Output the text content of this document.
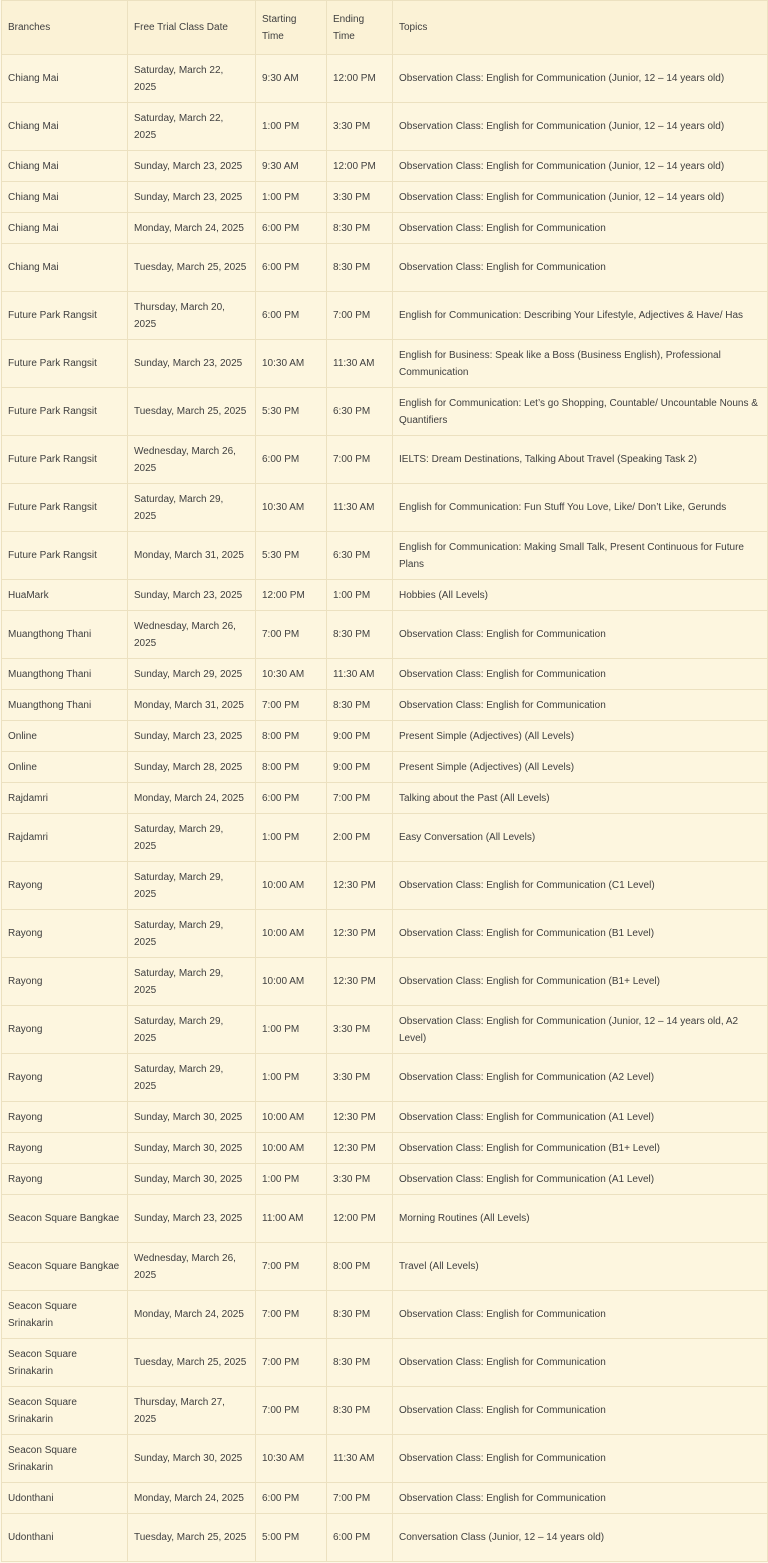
Branches	Free Trial Class Date	Starting Time	Ending Time	Topics
Chiang Mai	Saturday, March 22, 2025	9:30 AM	12:00 PM	Observation Class: English for Communication (Junior, 12 – 14 years old)
Chiang Mai	Saturday, March 22, 2025	1:00 PM	3:30 PM	Observation Class: English for Communication (Junior, 12 – 14 years old)
Chiang Mai	Sunday, March 23, 2025	9:30 AM	12:00 PM	Observation Class: English for Communication (Junior, 12 – 14 years old)
Chiang Mai	Sunday, March 23, 2025	1:00 PM	3:30 PM	Observation Class: English for Communication (Junior, 12 – 14 years old)
Chiang Mai	Monday, March 24, 2025	6:00 PM	8:30 PM	Observation Class: English for Communication
Chiang Mai	Tuesday, March 25, 2025	6:00 PM	8:30 PM	Observation Class: English for Communication
Future Park Rangsit	Thursday, March 20, 2025	6:00 PM	7:00 PM	English for Communication: Describing Your Lifestyle, Adjectives & Have/ Has
Future Park Rangsit	Sunday, March 23, 2025	10:30 AM	11:30 AM	English for Business: Speak like a Boss (Business English), Professional Communication
Future Park Rangsit	Tuesday, March 25, 2025	5:30 PM	6:30 PM	English for Communication: Let’s go Shopping, Countable/ Uncountable Nouns & Quantifiers
Future Park Rangsit	Wednesday, March 26, 2025	6:00 PM	7:00 PM	IELTS: Dream Destinations, Talking About Travel (Speaking Task 2)
Future Park Rangsit	Saturday, March 29, 2025	10:30 AM	11:30 AM	English for Communication: Fun Stuff You Love, Like/ Don’t Like, Gerunds
Future Park Rangsit	Monday, March 31, 2025	5:30 PM	6:30 PM	English for Communication: Making Small Talk, Present Continuous for Future Plans
HuaMark	Sunday, March 23, 2025	12:00 PM	1:00 PM	Hobbies (All Levels)
Muangthong Thani	Wednesday, March 26, 2025	7:00 PM	8:30 PM	Observation Class: English for Communication
Muangthong Thani	Sunday, March 29, 2025	10:30 AM	11:30 AM	Observation Class: English for Communication
Muangthong Thani	Monday, March 31, 2025	7:00 PM	8:30 PM	Observation Class: English for Communication
Online	Sunday, March 23, 2025	8:00 PM	9:00 PM	Present Simple (Adjectives) (All Levels)
Online	Sunday, March 28, 2025	8:00 PM	9:00 PM	Present Simple (Adjectives) (All Levels)
Rajdamri	Monday, March 24, 2025	6:00 PM	7:00 PM	Talking about the Past (All Levels)
Rajdamri	Saturday, March 29, 2025	1:00 PM	2:00 PM	Easy Conversation (All Levels)
Rayong	Saturday, March 29, 2025	10:00 AM	12:30 PM	Observation Class: English for Communication (C1 Level)
Rayong	Saturday, March 29, 2025	10:00 AM	12:30 PM	Observation Class: English for Communication (B1 Level)
Rayong	Saturday, March 29, 2025	10:00 AM	12:30 PM	Observation Class: English for Communication (B1+ Level)
Rayong	Saturday, March 29, 2025	1:00 PM	3:30 PM	Observation Class: English for Communication (Junior, 12 – 14 years old, A2 Level)
Rayong	Saturday, March 29, 2025	1:00 PM	3:30 PM	Observation Class: English for Communication (A2 Level)
Rayong	Sunday, March 30, 2025	10:00 AM	12:30 PM	Observation Class: English for Communication (A1 Level)
Rayong	Sunday, March 30, 2025	10:00 AM	12:30 PM	Observation Class: English for Communication (B1+ Level)
Rayong	Sunday, March 30, 2025	1:00 PM	3:30 PM	Observation Class: English for Communication (A1 Level)
Seacon Square Bangkae	Sunday, March 23, 2025	11:00 AM	12:00 PM	Morning Routines (All Levels)
Seacon Square Bangkae	Wednesday, March 26, 2025	7:00 PM	8:00 PM	Travel (All Levels)
Seacon Square Srinakarin	Monday, March 24, 2025	7:00 PM	8:30 PM	Observation Class: English for Communication
Seacon Square Srinakarin	Tuesday, March 25, 2025	7:00 PM	8:30 PM	Observation Class: English for Communication
Seacon Square Srinakarin	Thursday, March 27, 2025	7:00 PM	8:30 PM	Observation Class: English for Communication
Seacon Square Srinakarin	Sunday, March 30, 2025	10:30 AM	11:30 AM	Observation Class: English for Communication
Udonthani	Monday, March 24, 2025	6:00 PM	7:00 PM	Observation Class: English for Communication
Udonthani	Tuesday, March 25, 2025	5:00 PM	6:00 PM	Conversation Class (Junior, 12 – 14 years old)
